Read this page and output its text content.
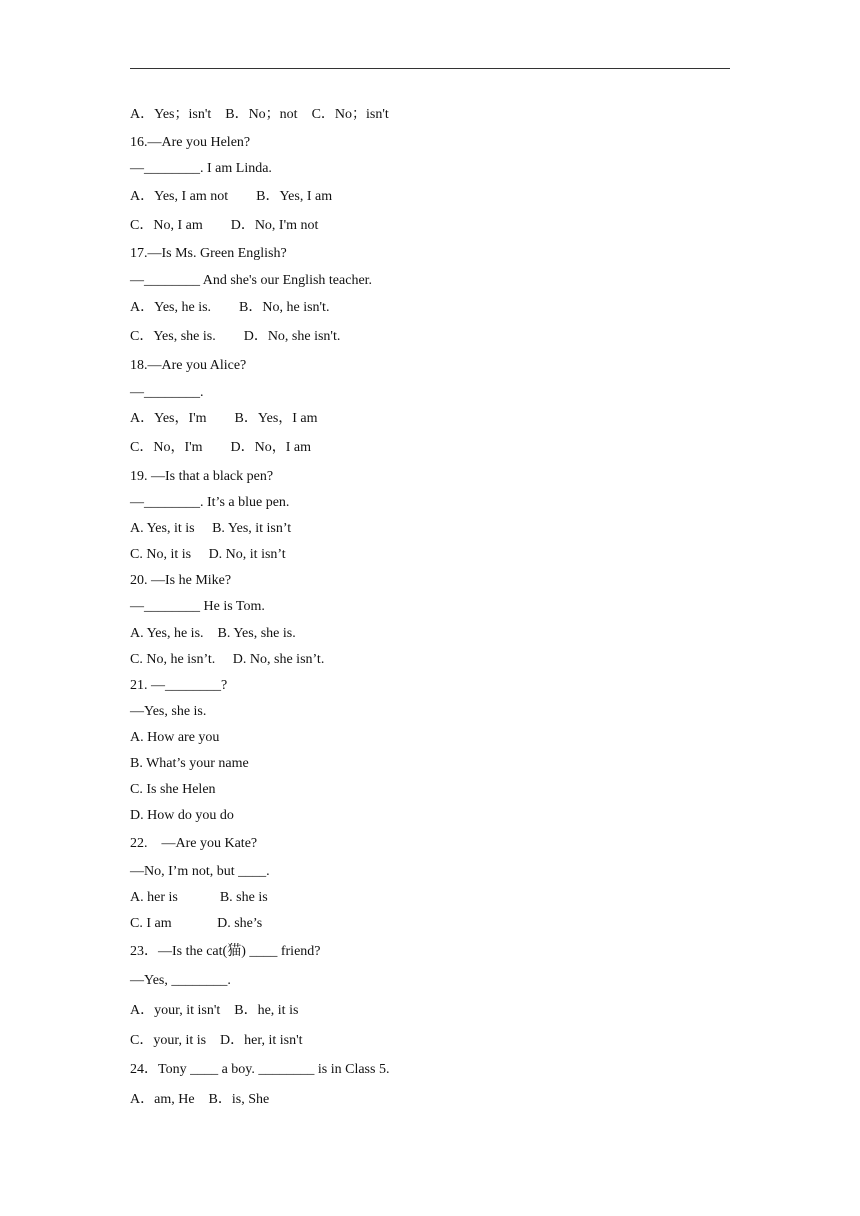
A．Yes；isn't　B．No；not　C．No；isn't
16.—Are you Helen?
—________. I am Linda.
A．Yes, I am not　　B．Yes, I am
C．No, I am　　D．No, I'm not
17.—Is Ms. Green English?
—________ And she's our English teacher.
A．Yes, he is.　　B．No, he isn't.
C．Yes, she is.　　D．No, she isn't.
18.—Are you Alice?
—________.
A．Yes，I'm　　B．Yes，I am
C．No，I'm　　D．No，I am
19. —Is that a black pen?
—________. It’s a blue pen.
A. Yes, it is　 B. Yes, it isn’t
C. No, it is　 D. No, it isn’t
20. —Is he Mike?
—________ He is Tom.
A. Yes, he is.　B. Yes, she is.
C. No, he isn’t.　 D. No, she isn’t.
21. —________?
—Yes, she is.
A. How are you
B. What’s your name
C. Is she Helen
D. How do you do
22.　—Are you Kate?
—No, I’m not, but ____.
A. her is　　　B. she is
C. I am　　　 D. she’s
23．—Is the cat(猫) ____ friend?
—Yes, ________.
A．your, it isn't　B．he, it is
C．your, it is　D．her, it isn't
24．Tony ____ a boy. ________ is in Class 5.
A．am, He　B．is, She
